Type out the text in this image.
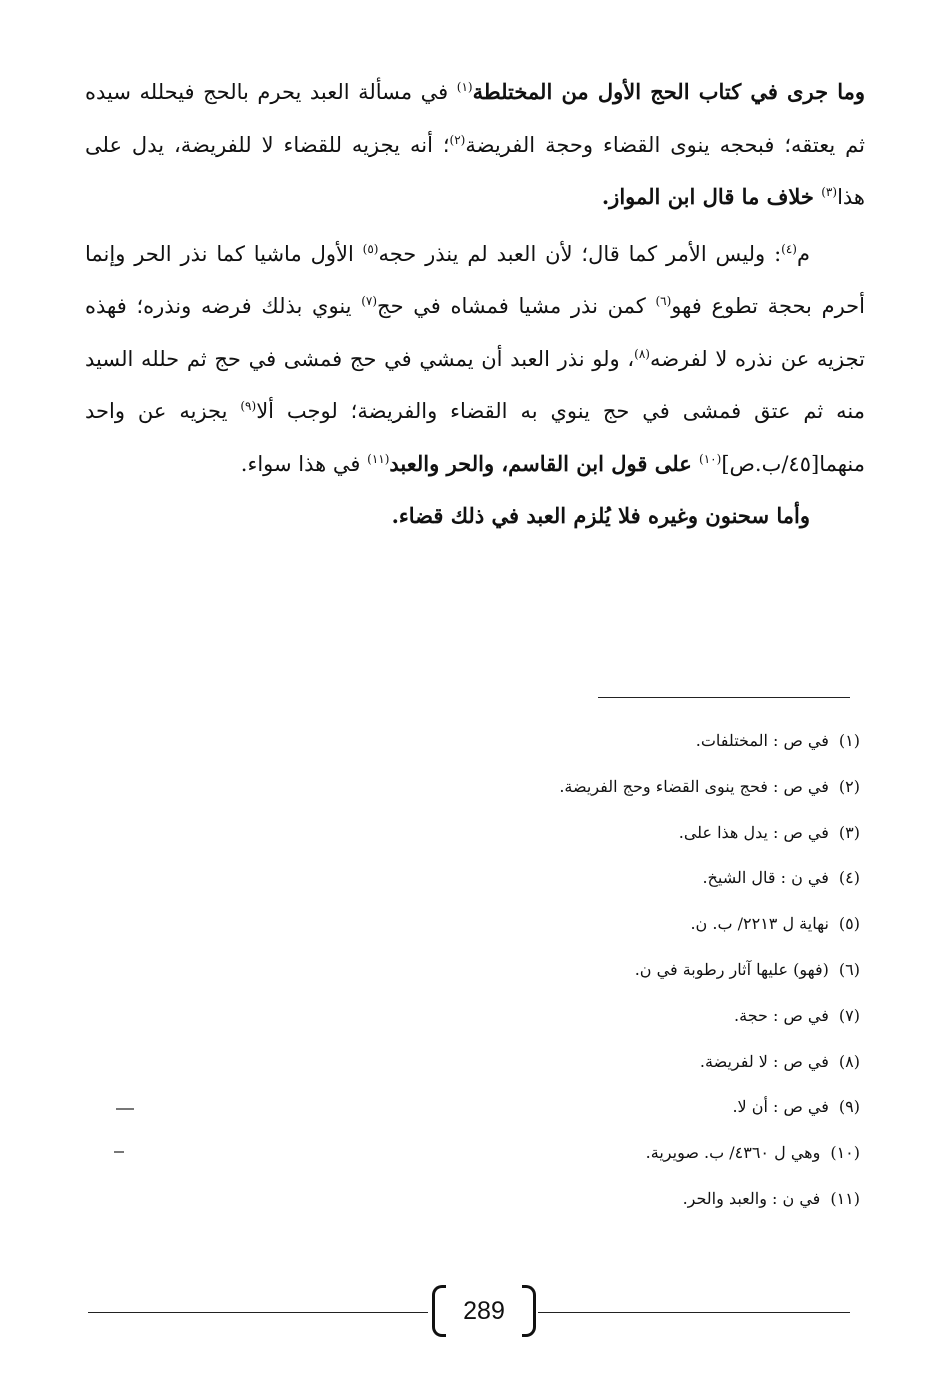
وما جرى في كتاب الحج الأول من المختلطة$^{(١)}$ في مسألة العبد يحرم بالحج فيحلله سيده ثم يعتقه؛ فبحجه ينوى القضاء وحجة الفريضة$^{(٢)}$؛ أنه يجزيه للقضاء لا للفريضة، يدل على هذا$^{(٣)}$ خلاف ما قال ابن المواز.

م$^{(٤)}$: وليس الأمر كما قال؛ لأن العبد لم ينذر حجه$^{(٥)}$ الأول ماشيا كما نذر الحر وإنما أحرم بحجة تطوع فهو$^{(٦)}$ كمن نذر مشيا فمشاه في حج$^{(٧)}$ ينوي بذلك فرضه ونذره؛ فهذه تجزيه عن نذره لا لفرضه$^{(٨)}$، ولو نذر العبد أن يمشي في حج فمشى في حج ثم حلله السيد منه ثم عتق فمشى في حج ينوي به القضاء والفريضة؛ لوجب ألا$^{(٩)}$ يجزيه عن واحد منهما[٤٥/ب.ص]$^{(١٠)}$ على قول ابن القاسم، والحر والعبد$^{(١١)}$ في هذا سواء.

وأما سحنون وغيره فلا يُلزم العبد في ذلك قضاء.

(١)في ص : المختلفات.
(٢)في ص : فحج ينوى القضاء وحج الفريضة.
(٣)في ص : يدل هذا على.
(٤)في ن : قال الشيخ.
(٥)نهاية ل ٢٢١٣/ ب. ن.
(٦)(فهو) عليها آثار رطوبة في ن.
(٧)في ص : حجة.
(٨)في ص : لا لفريضة.
(٩)في ص : أن لا.
(١٠)وهي ل ٤٣٦٠/ ب. صويرية.
(١١)في ن : والعبد والحر.
289
